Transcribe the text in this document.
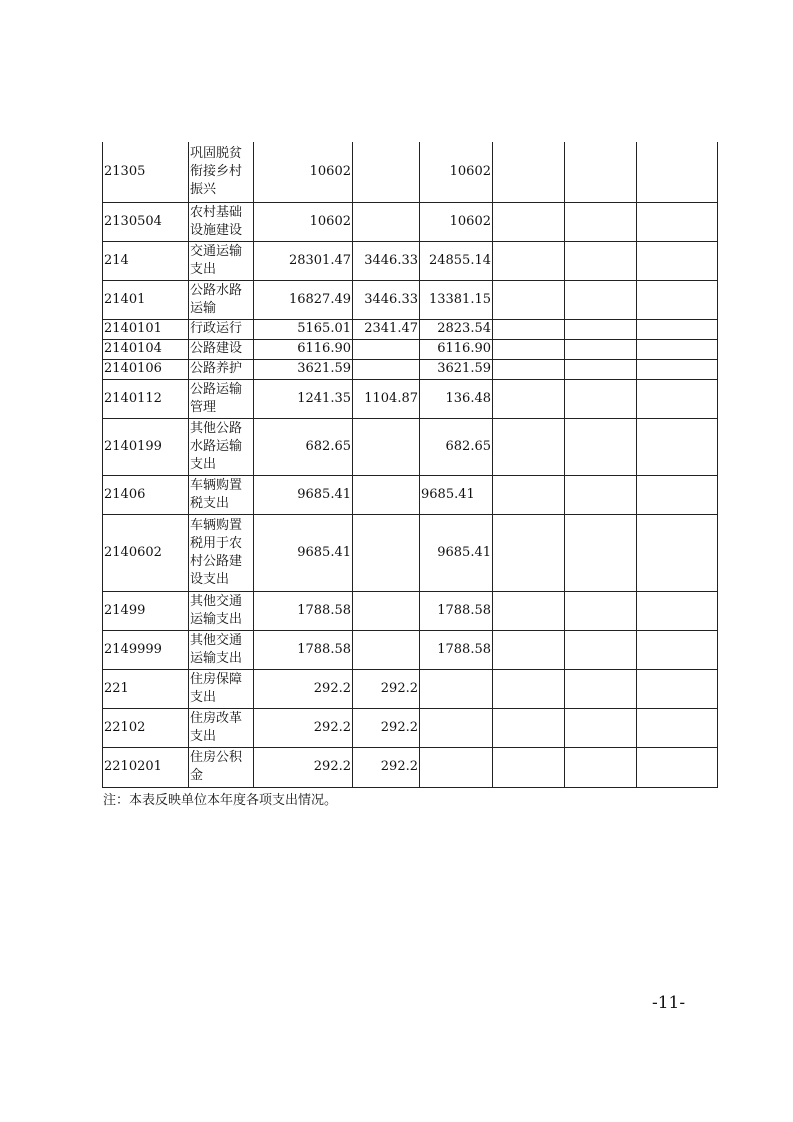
21305	巩固脱贫衔接乡村振兴	10602		10602			
2130504	农村基础设施建设	10602		10602			
214	交通运输支出	28301.47	3446.33	24855.14			
21401	公路水路运输	16827.49	3446.33	13381.15			
2140101	行政运行	5165.01	2341.47	2823.54			
2140104	公路建设	6116.90		6116.90			
2140106	公路养护	3621.59		3621.59			
2140112	公路运输管理	1241.35	1104.87	136.48			
2140199	其他公路水路运输支出	682.65		682.65			
21406	车辆购置税支出	9685.41		9685.41			
2140602	车辆购置税用于农村公路建设支出	9685.41		9685.41			
21499	其他交通运输支出	1788.58		1788.58			
2149999	其他交通运输支出	1788.58		1788.58			
221	住房保障支出	292.2	292.2				
22102	住房改革支出	292.2	292.2				
2210201	住房公积金	292.2	292.2				
注：本表反映单位本年度各项支出情况。
-11-
